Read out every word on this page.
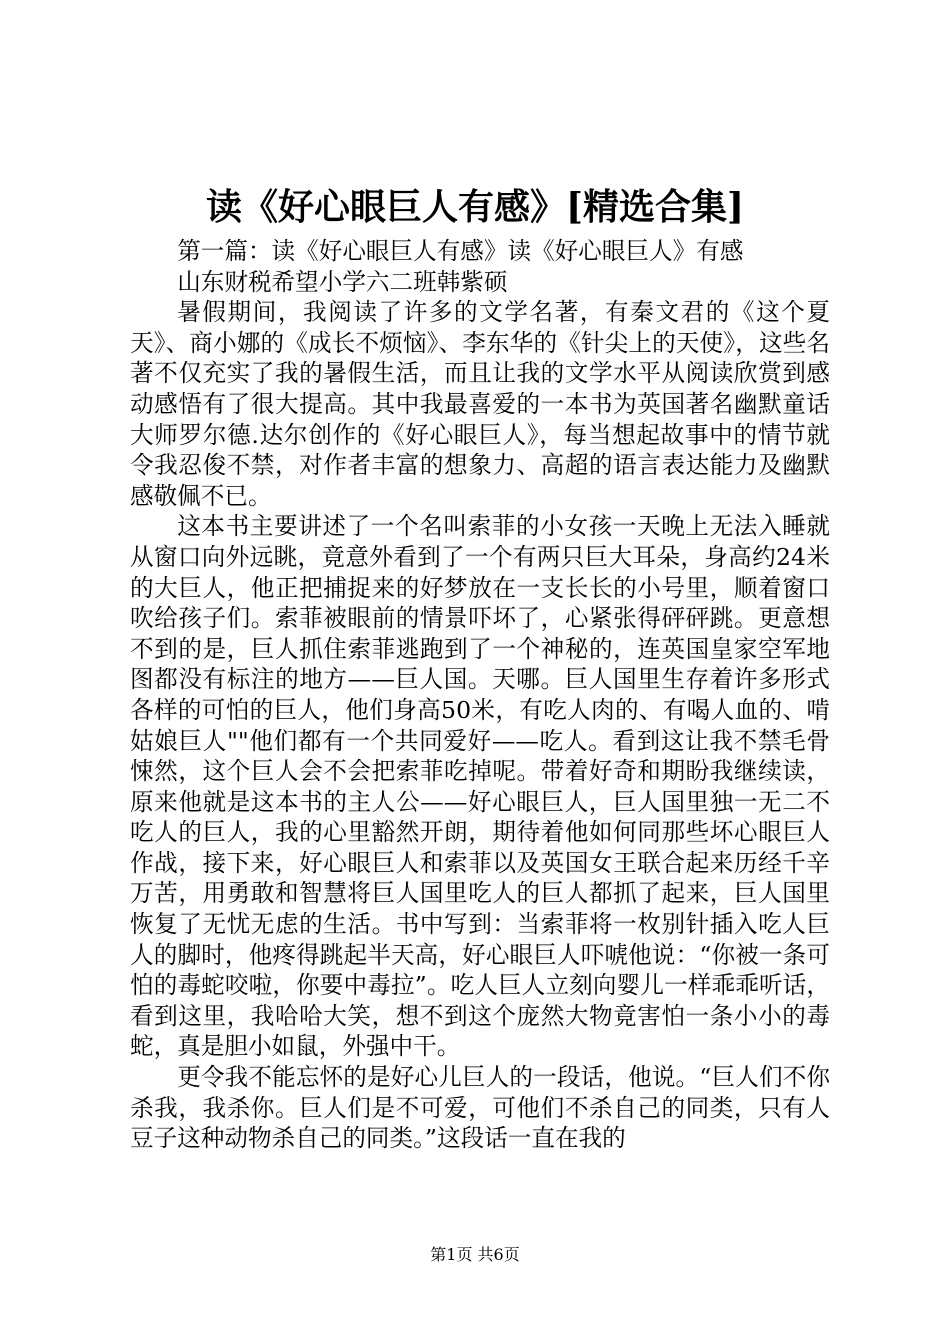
读《好心眼巨人有感》[精选合集]

第一篇：读《好心眼巨人有感》读《好心眼巨人》有感

山东财税希望小学六二班韩紫硕

暑假期间，我阅读了许多的文学名著，有秦文君的《这个夏天》、商小娜的《成长不烦恼》、李东华的《针尖上的天使》，这些名著不仅充实了我的暑假生活，而且让我的文学水平从阅读欣赏到感动感悟有了很大提高。其中我最喜爱的一本书为英国著名幽默童话大师罗尔德.达尔创作的《好心眼巨人》，每当想起故事中的情节就令我忍俊不禁，对作者丰富的想象力、高超的语言表达能力及幽默感敬佩不已。

这本书主要讲述了一个名叫索菲的小女孩一天晚上无法入睡就从窗口向外远眺，竟意外看到了一个有两只巨大耳朵，身高约24米的大巨人，他正把捕捉来的好梦放在一支长长的小号里，顺着窗口吹给孩子们。索菲被眼前的情景吓坏了，心紧张得砰砰跳。更意想不到的是，巨人抓住索菲逃跑到了一个神秘的，连英国皇家空军地图都没有标注的地方——巨人国。天哪。巨人国里生存着许多形式各样的可怕的巨人，他们身高50米，有吃人肉的、有喝人血的、啃姑娘巨人""他们都有一个共同爱好——吃人。看到这让我不禁毛骨悚然，这个巨人会不会把索菲吃掉呢。带着好奇和期盼我继续读，原来他就是这本书的主人公——好心眼巨人，巨人国里独一无二不吃人的巨人，我的心里豁然开朗，期待着他如何同那些坏心眼巨人作战，接下来，好心眼巨人和索菲以及英国女王联合起来历经千辛万苦，用勇敢和智慧将巨人国里吃人的巨人都抓了起来，巨人国里恢复了无忧无虑的生活。书中写到：当索菲将一枚别针插入吃人巨人的脚时，他疼得跳起半天高，好心眼巨人吓唬他说：“你被一条可怕的毒蛇咬啦，你要中毒拉”。吃人巨人立刻向婴儿一样乖乖听话，看到这里，我哈哈大笑，想不到这个庞然大物竟害怕一条小小的毒蛇，真是胆小如鼠，外强中干。

更令我不能忘怀的是好心儿巨人的一段话，他说。“巨人们不你杀我，我杀你。巨人们是不可爱，可他们不杀自己的同类，只有人豆子这种动物杀自己的同类。”这段话一直在我的

第1页 共6页
